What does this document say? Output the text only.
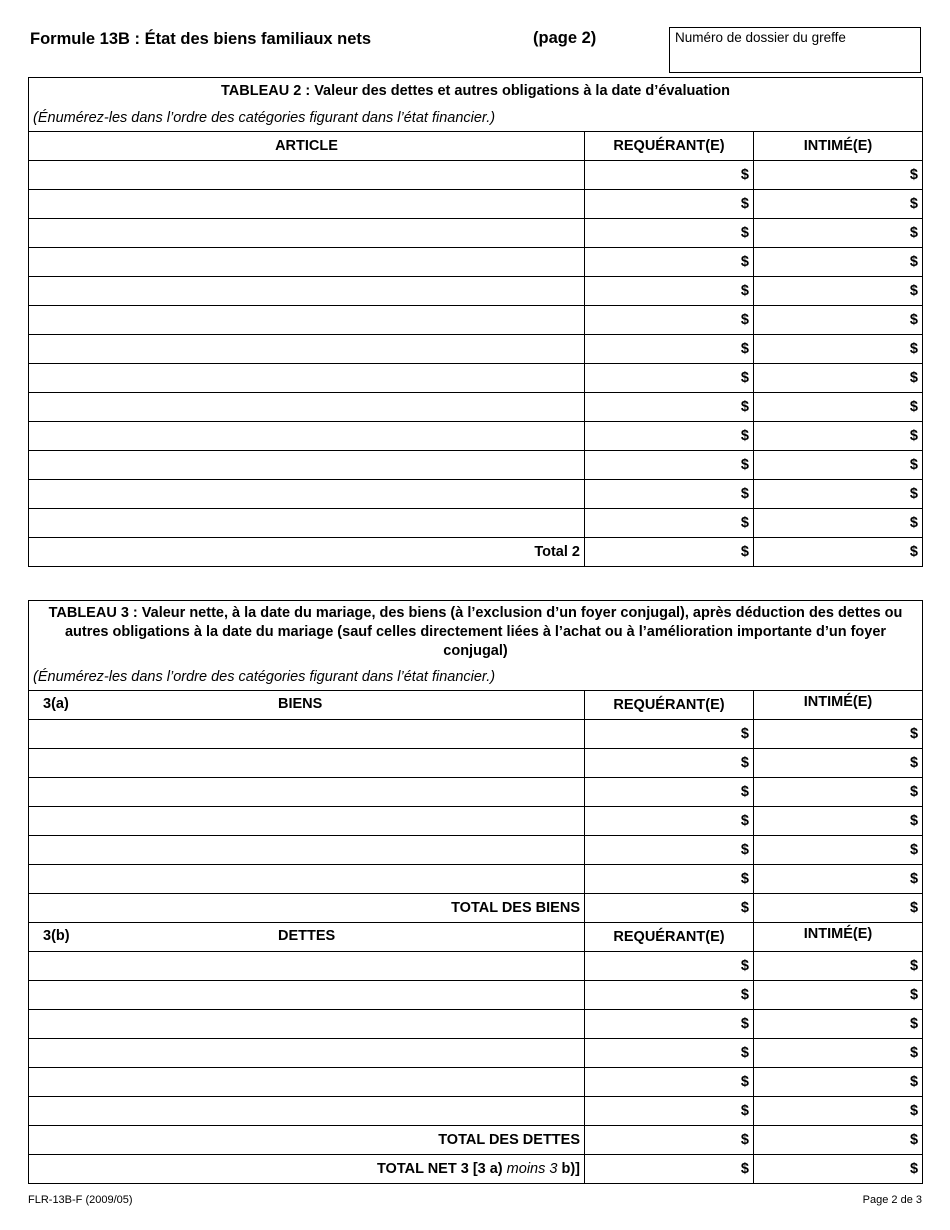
Formule 13B : État des biens familiaux nets	(page 2)	Numéro de dossier du greffe
TABLEAU 2 : Valeur des dettes et autres obligations à la date d’évaluation		
(Énumérez-les dans l’ordre des catégories figurant dans l’état financier.)		
ARTICLE	REQUÉRANT(E)	INTIMÉ(E)
	$	$
	$	$
	$	$
	$	$
	$	$
	$	$
	$	$
	$	$
	$	$
	$	$
	$	$
	$	$
	$	$
Total 2	$	$
TABLEAU 3 : Valeur nette, à la date du mariage, des biens (à l’exclusion d’un foyer conjugal), après déduction des dettes ou autres obligations à la date du mariage (sauf celles directement liées à l’achat ou à l’amélioration importante d’un foyer conjugal)		
(Énumérez-les dans l’ordre des catégories figurant dans l’état financier.)		

3(a) BIENS	REQUÉRANT(E)	INTIMÉ(E)
	$	$
	$	$
	$	$
	$	$
	$	$
	$	$
TOTAL DES BIENS	$	$

3(b) DETTES	REQUÉRANT(E)	INTIMÉ(E)
	$	$
	$	$
	$	$
	$	$
	$	$
	$	$
TOTAL DES DETTES	$	$
TOTAL NET 3 [3 a) moins 3 b)]	$	$
FLR-13B-F (2009/05)	Page 2 de 3
